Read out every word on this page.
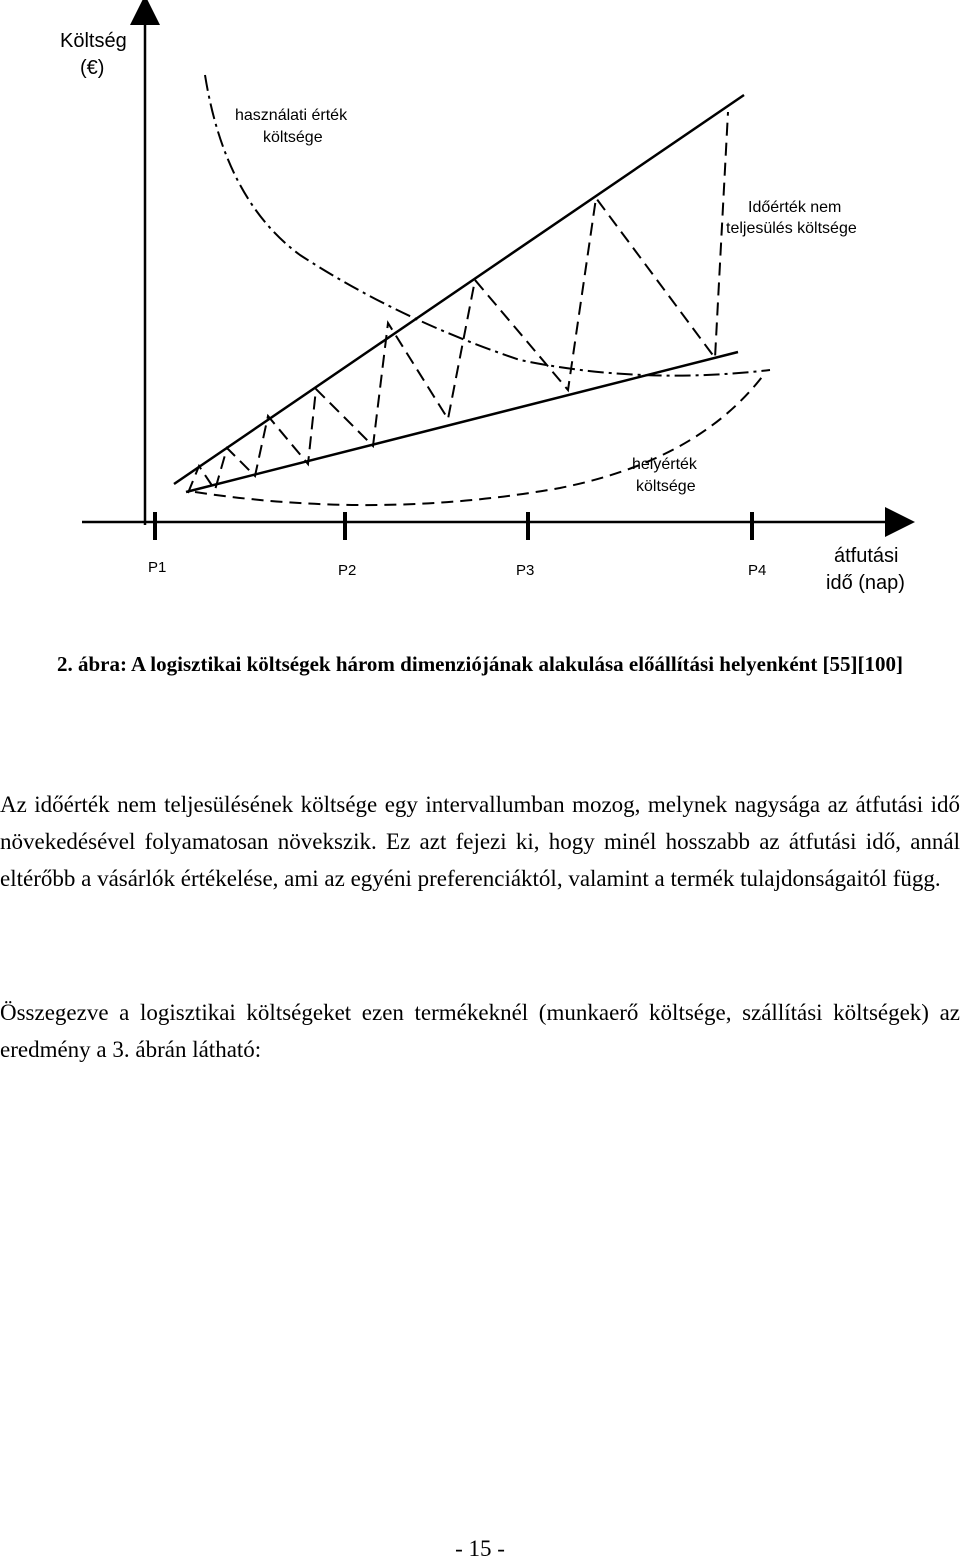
Költség
(€)
használati érték
költsége
Időérték nem
teljesülés költsége
helyérték
költsége
P1	P2	P3	P4
átfutási
idő (nap)
2. ábra: A logisztikai költségek három dimenziójának alakulása előállítási helyenként [55][100]

Az időérték nem teljesülésének költsége egy intervallumban mozog, melynek nagysága az átfutási idő növekedésével folyamatosan növekszik. Ez azt fejezi ki, hogy minél hosszabb az átfutási idő, annál eltérőbb a vásárlók értékelése, ami az egyéni preferenciáktól, valamint a termék tulajdonságaitól függ.

Összegezve a logisztikai költségeket ezen termékeknél (munkaerő költsége, szállítási költségek) az eredmény a 3. ábrán látható:

- 15 -
